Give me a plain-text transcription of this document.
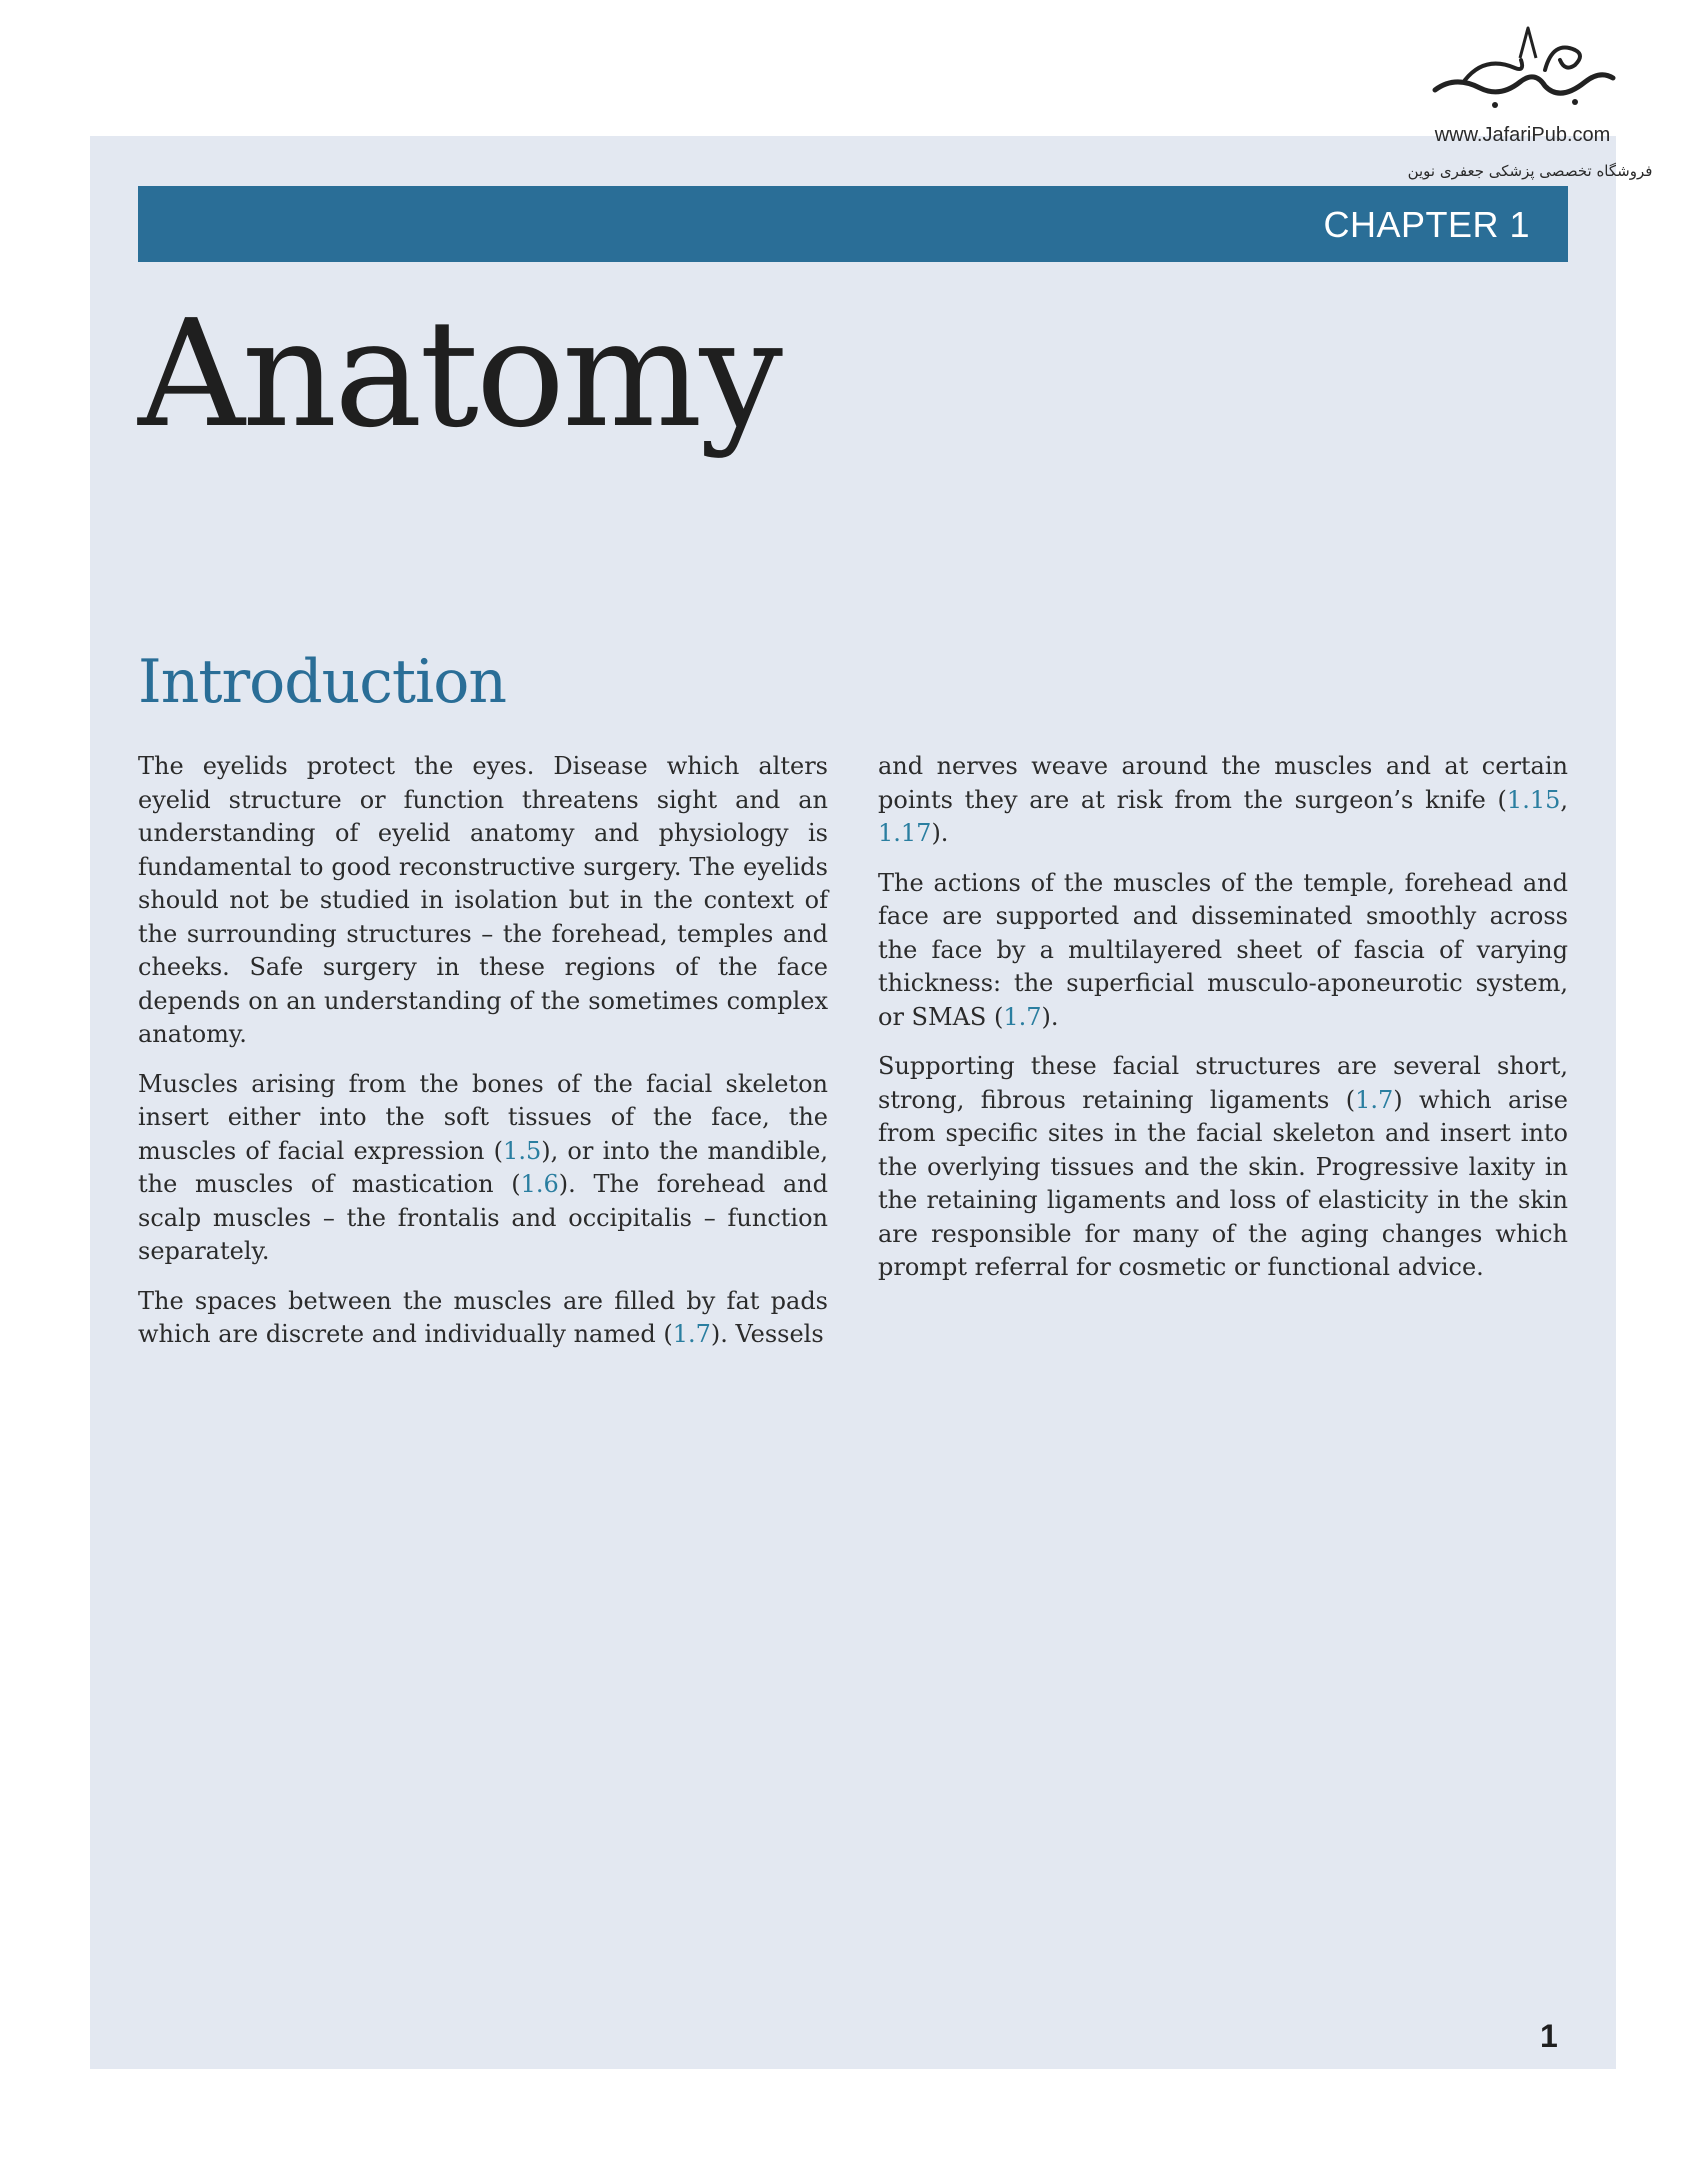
www.JafariPub.com
فروشگاه تخصصی پزشکی جعفری نوین
CHAPTER 1
Anatomy
Introduction

The eyelids protect the eyes. Disease which alters eyelid structure or function threatens sight and an understanding of eyelid anatomy and physiology is fundamental to good reconstructive surgery. The eyelids should not be studied in isolation but in the context of the surrounding structures – the forehead, temples and cheeks. Safe surgery in these regions of the face depends on an understanding of the sometimes complex anatomy.

Muscles arising from the bones of the facial skeleton insert either into the soft tissues of the face, the muscles of facial expression (1.5), or into the mandible, the muscles of mastication (1.6). The forehead and scalp muscles – the frontalis and occipitalis – function separately.

The spaces between the muscles are filled by fat pads which are discrete and individually named (1.7). Vessels

and nerves weave around the muscles and at certain points they are at risk from the surgeon’s knife (1.15, 1.17).

The actions of the muscles of the temple, forehead and face are supported and disseminated smoothly across the face by a multilayered sheet of fascia of varying thickness: the superficial musculo-aponeurotic system, or SMAS (1.7).

Supporting these facial structures are several short, strong, fibrous retaining ligaments (1.7) which arise from specific sites in the facial skeleton and insert into the overlying tissues and the skin. Progressive laxity in the retaining ligaments and loss of elasticity in the skin are responsible for many of the aging changes which prompt referral for cosmetic or functional advice.

1
